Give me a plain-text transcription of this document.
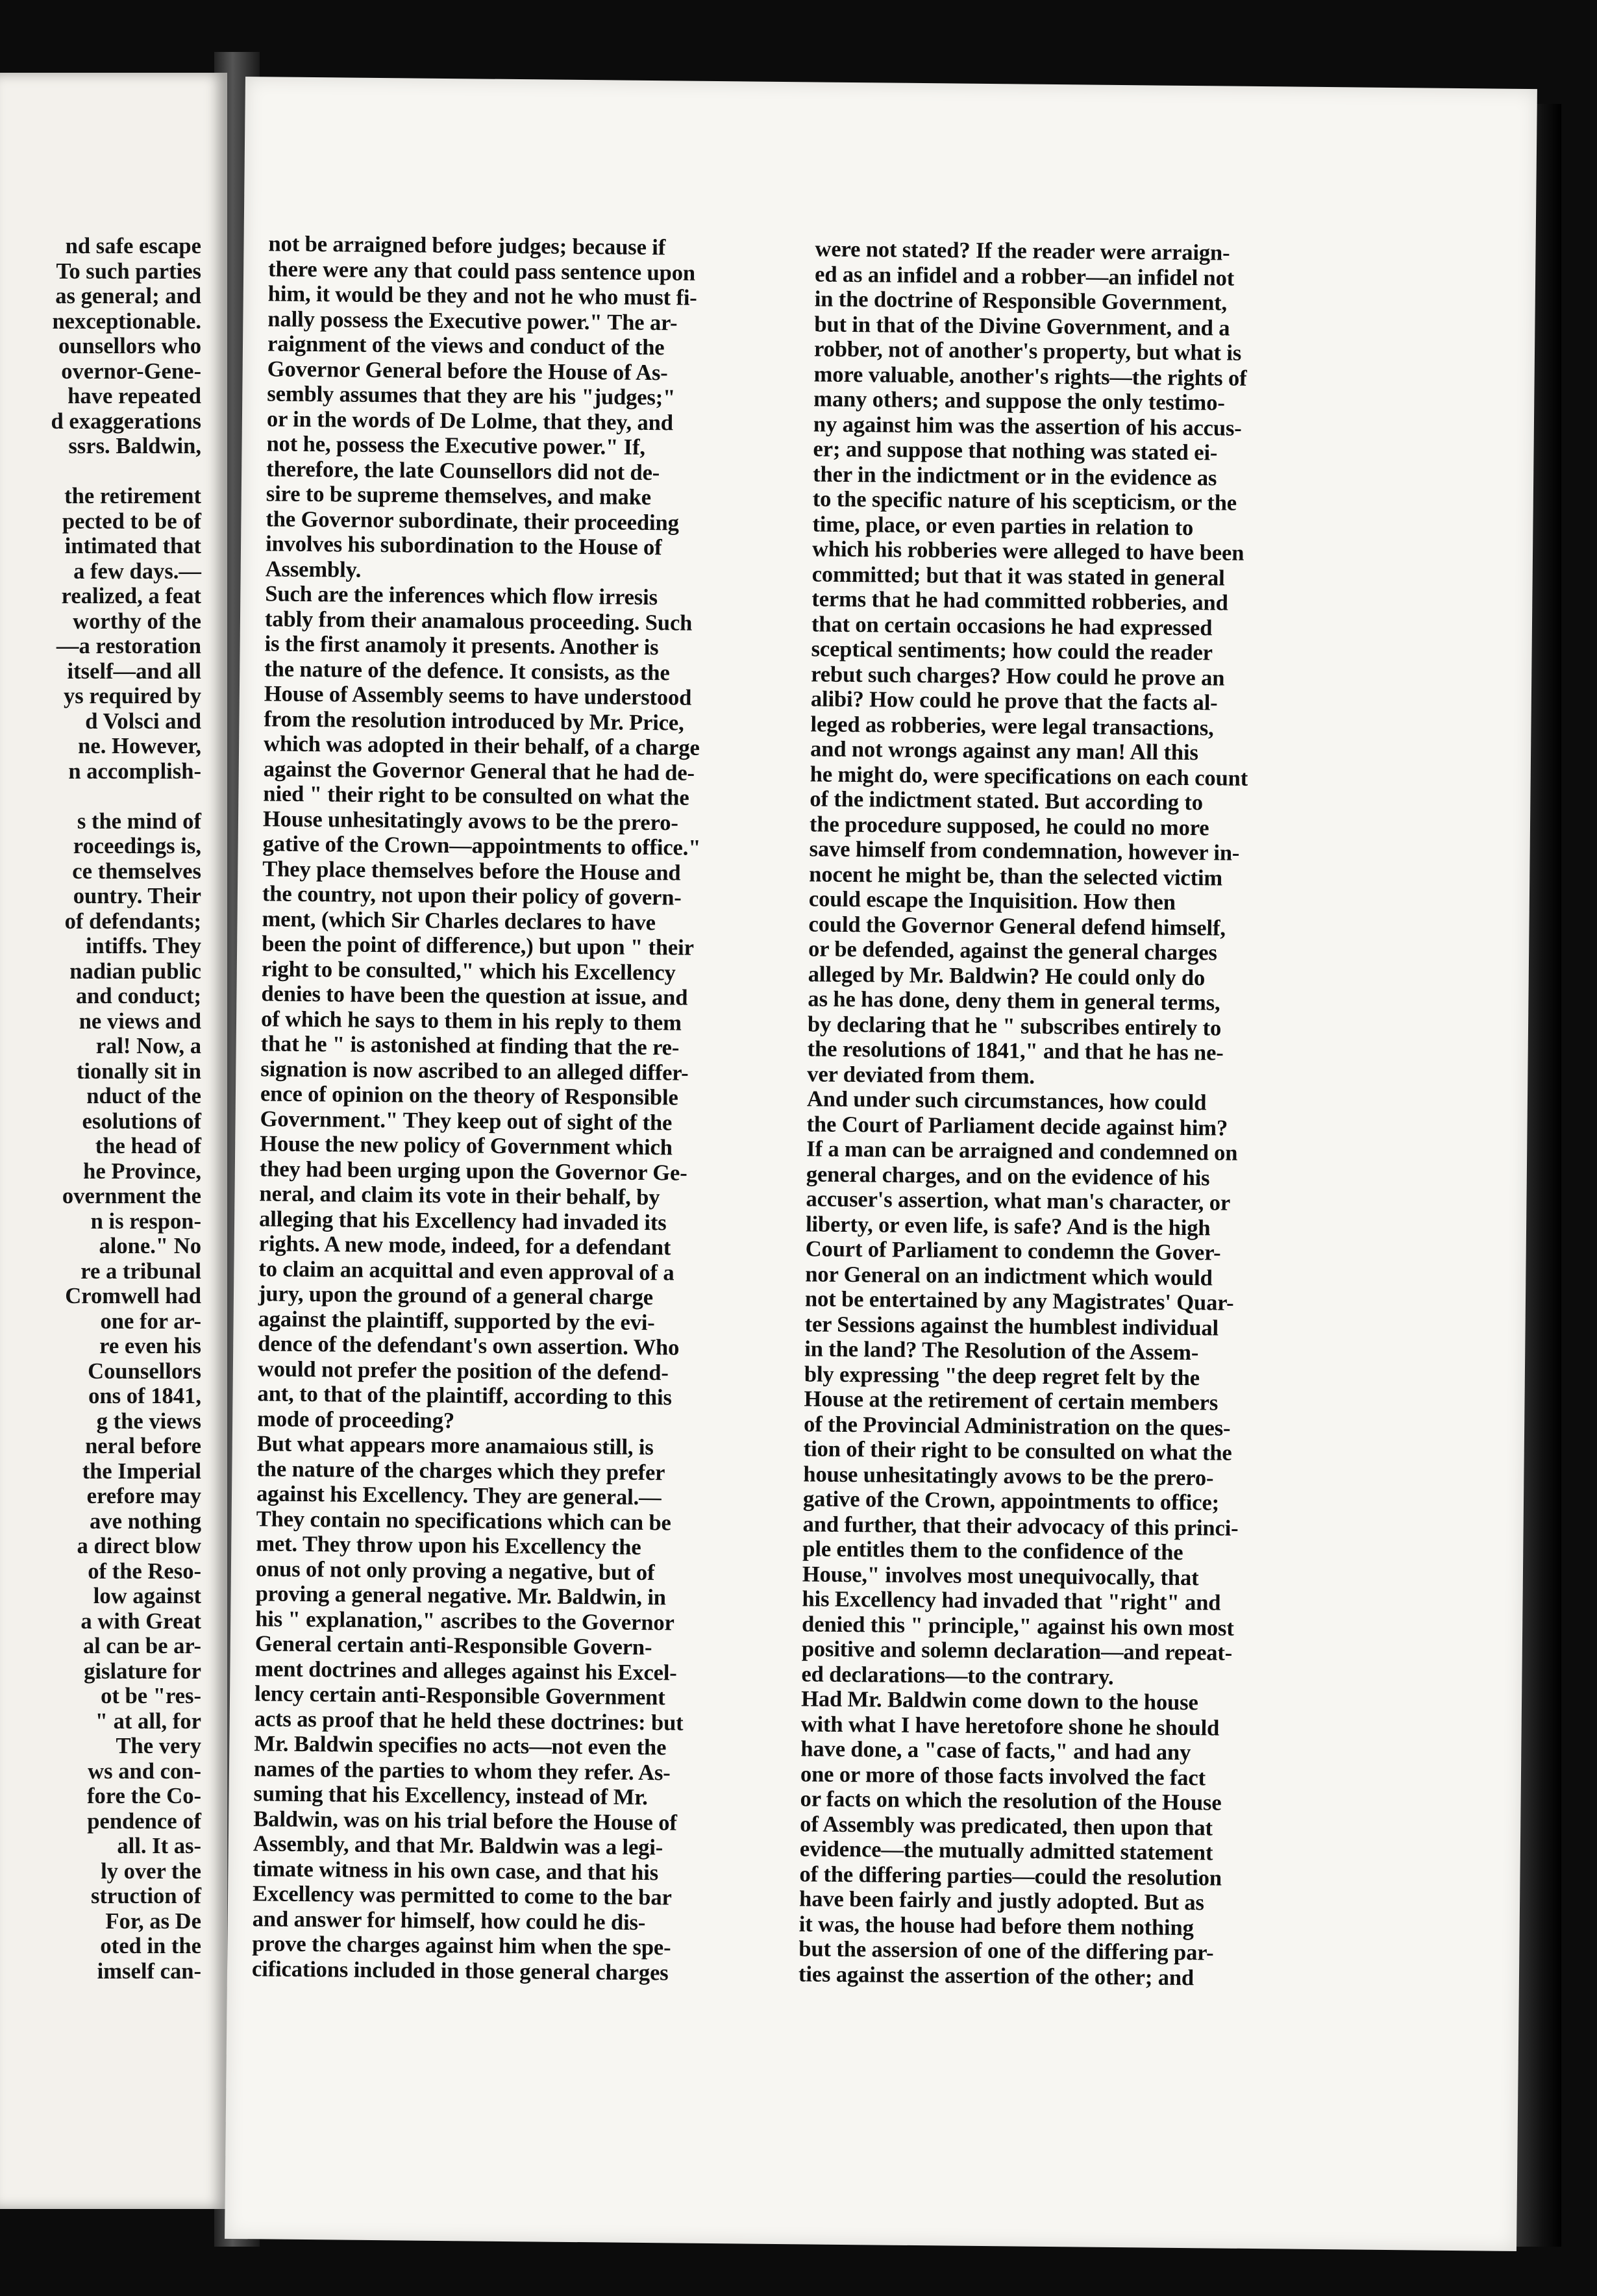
nd safe escape
To such parties
as general; and
nexceptionable.
ounsellors who
overnor-Gene-
have repeated
d exaggerations
ssrs. Baldwin,
the retirement
pected to be of
intimated that
a few days.—
realized, a feat
worthy of the
—a restoration
itself—and all
ys required by
d Volsci and
ne. However,
n accomplish-
s the mind of
roceedings is,
ce themselves
ountry. Their
of defendants;
intiffs. They
nadian public
and conduct;
ne views and
ral! Now, a
tionally sit in
nduct of the
esolutions of
the head of
he Province,
overnment the
n is respon-
alone." No
re a tribunal
Cromwell had
one for ar-
re even his
Counsellors
ons of 1841,
g the views
neral before
the Imperial
erefore may
ave nothing
a direct blow
of the Reso-
low against
a with Great
al can be ar-
gislature for
ot be "res-
" at all, for
The very
ws and con-
fore the Co-
pendence of
all. It as-
ly over the
struction of
For, as De
oted in the
imself can-
not be arraigned before judges; because if
there were any that could pass sentence upon
him, it would be they and not he who must fi-
nally possess the Executive power." The ar-
raignment of the views and conduct of the
Governor General before the House of As-
sembly assumes that they are his "judges;"
or in the words of De Lolme, that they, and
not he, possess the Executive power." If,
therefore, the late Counsellors did not de-
sire to be supreme themselves, and make
the Governor subordinate, their proceeding
involves his subordination to the House of
Assembly.
Such are the inferences which flow irresis
tably from their anamalous proceeding. Such
is the first anamoly it presents. Another is
the nature of the defence. It consists, as the
House of Assembly seems to have understood
from the resolution introduced by Mr. Price,
which was adopted in their behalf, of a charge
against the Governor General that he had de-
nied " their right to be consulted on what the
House unhesitatingly avows to be the prero-
gative of the Crown—appointments to office."
They place themselves before the House and
the country, not upon their policy of govern-
ment, (which Sir Charles declares to have
been the point of difference,) but upon " their
right to be consulted," which his Excellency
denies to have been the question at issue, and
of which he says to them in his reply to them
that he " is astonished at finding that the re-
signation is now ascribed to an alleged differ-
ence of opinion on the theory of Responsible
Government." They keep out of sight of the
House the new policy of Government which
they had been urging upon the Governor Ge-
neral, and claim its vote in their behalf, by
alleging that his Excellency had invaded its
rights. A new mode, indeed, for a defendant
to claim an acquittal and even approval of a
jury, upon the ground of a general charge
against the plaintiff, supported by the evi-
dence of the defendant's own assertion. Who
would not prefer the position of the defend-
ant, to that of the plaintiff, according to this
mode of proceeding?
But what appears more anamaious still, is
the nature of the charges which they prefer
against his Excellency. They are general.—
They contain no specifications which can be
met. They throw upon his Excellency the
onus of not only proving a negative, but of
proving a general negative. Mr. Baldwin, in
his " explanation," ascribes to the Governor
General certain anti-Responsible Govern-
ment doctrines and alleges against his Excel-
lency certain anti-Responsible Government
acts as proof that he held these doctrines: but
Mr. Baldwin specifies no acts—not even the
names of the parties to whom they refer. As-
suming that his Excellency, instead of Mr.
Baldwin, was on his trial before the House of
Assembly, and that Mr. Baldwin was a legi-
timate witness in his own case, and that his
Excellency was permitted to come to the bar
and answer for himself, how could he dis-
prove the charges against him when the spe-
cifications included in those general charges
were not stated? If the reader were arraign-
ed as an infidel and a robber—an infidel not
in the doctrine of Responsible Government,
but in that of the Divine Government, and a
robber, not of another's property, but what is
more valuable, another's rights—the rights of
many others; and suppose the only testimo-
ny against him was the assertion of his accus-
er; and suppose that nothing was stated ei-
ther in the indictment or in the evidence as
to the specific nature of his scepticism, or the
time, place, or even parties in relation to
which his robberies were alleged to have been
committed; but that it was stated in general
terms that he had committed robberies, and
that on certain occasions he had expressed
sceptical sentiments; how could the reader
rebut such charges? How could he prove an
alibi? How could he prove that the facts al-
leged as robberies, were legal transactions,
and not wrongs against any man! All this
he might do, were specifications on each count
of the indictment stated. But according to
the procedure supposed, he could no more
save himself from condemnation, however in-
nocent he might be, than the selected victim
could escape the Inquisition. How then
could the Governor General defend himself,
or be defended, against the general charges
alleged by Mr. Baldwin? He could only do
as he has done, deny them in general terms,
by declaring that he " subscribes entirely to
the resolutions of 1841," and that he has ne-
ver deviated from them.
And under such circumstances, how could
the Court of Parliament decide against him?
If a man can be arraigned and condemned on
general charges, and on the evidence of his
accuser's assertion, what man's character, or
liberty, or even life, is safe? And is the high
Court of Parliament to condemn the Gover-
nor General on an indictment which would
not be entertained by any Magistrates' Quar-
ter Sessions against the humblest individual
in the land? The Resolution of the Assem-
bly expressing "the deep regret felt by the
House at the retirement of certain members
of the Provincial Administration on the ques-
tion of their right to be consulted on what the
house unhesitatingly avows to be the prero-
gative of the Crown, appointments to office;
and further, that their advocacy of this princi-
ple entitles them to the confidence of the
House," involves most unequivocally, that
his Excellency had invaded that "right" and
denied this " principle," against his own most
positive and solemn declaration—and repeat-
ed declarations—to the contrary.
Had Mr. Baldwin come down to the house
with what I have heretofore shone he should
have done, a "case of facts," and had any
one or more of those facts involved the fact
or facts on which the resolution of the House
of Assembly was predicated, then upon that
evidence—the mutually admitted statement
of the differing parties—could the resolution
have been fairly and justly adopted. But as
it was, the house had before them nothing
but the assersion of one of the differing par-
ties against the assertion of the other; and
